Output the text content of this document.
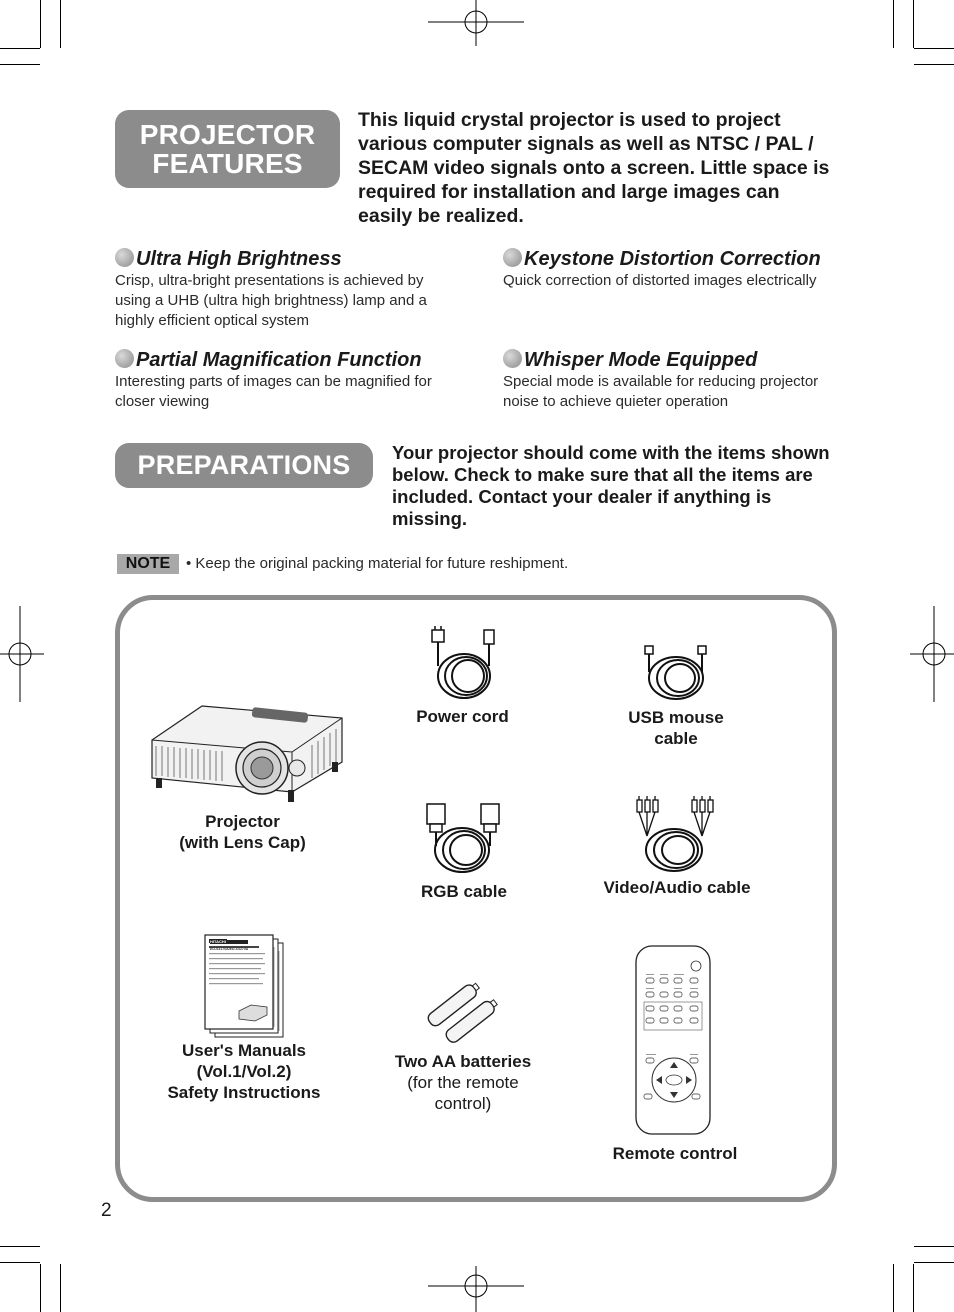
PROJECTOR
FEATURES
This liquid crystal projector is used to project various computer signals as well as NTSC / PAL / SECAM video signals onto a screen. Little space is required for installation and large images can easily be realized.
Ultra High Brightness
Crisp, ultra-bright presentations is achieved by using a UHB (ultra high brightness) lamp and a highly efficient optical system
Keystone Distortion Correction
Quick correction of distorted images electrically
Partial Magnification Function
Interesting parts of images can be magnified for closer viewing
Whisper Mode Equipped
Special mode is available for reducing projector noise to achieve quieter operation
PREPARATIONS	Your projector should come with the items shown below. Check to make sure that all the items are included. Contact your dealer if anything is missing.
NOTE	• Keep the original packing material for future reshipment.
Projector
(with Lens Cap)
Power cord	USB mouse
cable
RGB cable	Video/Audio cable
HITACHI
ED-S3170A/ED-X3270A
User's Manuals
(Vol.1/Vol.2)
Safety Instructions
Two AA batteries
(for the remote
control)
Remote control
2
